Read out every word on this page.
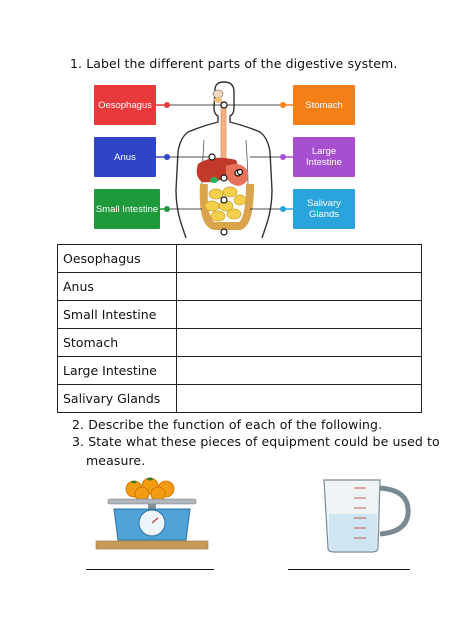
1. Label the different parts of the digestive system.
Oesophagus
Anus
Small Intestine
Stomach
Large Intestine
Salivary Glands
Oesophagus	
Anus	
Small Intestine	
Stomach	
Large Intestine	
Salivary Glands	
2. Describe the function of each of the following.
3. State what these pieces of equipment could be used to
measure.
